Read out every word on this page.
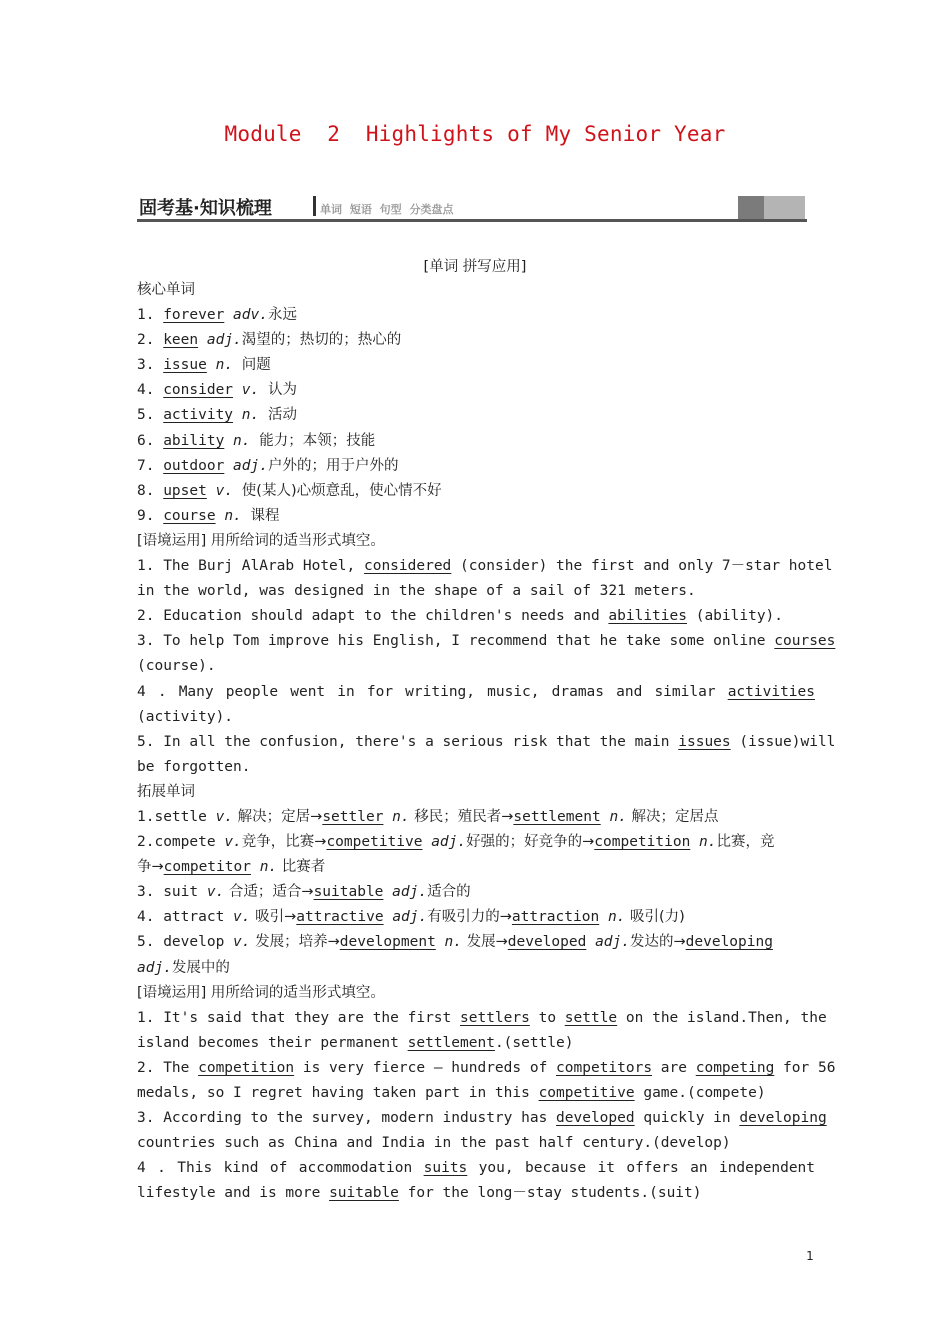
Module  2  Highlights of My Senior Year
固考基·知识梳理	单词 短语 句型 分类盘点
[单词 拼写应用]
核心单词
1. forever adv.永远
2. keen adj.渴望的；热切的；热心的
3. issue n. 问题
4. consider v. 认为
5. activity n. 活动
6. ability n. 能力；本领；技能
7. outdoor adj.户外的；用于户外的
8. upset v. 使(某人)心烦意乱，使心情不好
9. course n. 课程
[语境运用] 用所给词的适当形式填空。
1. The Burj AlArab Hotel, considered (consider) the first and only 7－star hotel
in the world, was designed in the shape of a sail of 321 meters.
2. Education should adapt to the children's needs and abilities (ability).
3. To help Tom improve his English, I recommend that he take some online courses
(course).
4 . Many people went in for writing, music, dramas and similar activities
(activity).
5. In all the confusion, there's a serious risk that the main issues (issue)will
be forgotten.
拓展单词
1.settle v. 解决；定居→settler n. 移民；殖民者→settlement n. 解决；定居点
2.compete v.竞争，比赛→competitive adj.好强的；好竞争的→competition n.比赛，竞
争→competitor n. 比赛者
3. suit v. 合适；适合→suitable adj.适合的
4. attract v. 吸引→attractive adj.有吸引力的→attraction n. 吸引(力)
5. develop v. 发展；培养→development n. 发展→developed adj.发达的→developing
adj.发展中的
[语境运用] 用所给词的适当形式填空。
1. It's said that they are the first settlers to settle on the island.Then, the
island becomes their permanent settlement.(settle)
2. The competition is very fierce — hundreds of competitors are competing for 56
medals, so I regret having taken part in this competitive game.(compete)
3. According to the survey, modern industry has developed quickly in developing
countries such as China and India in the past half century.(develop)
4 . This kind of accommodation suits you, because it offers an independent
lifestyle and is more suitable for the long－stay students.(suit)
1
